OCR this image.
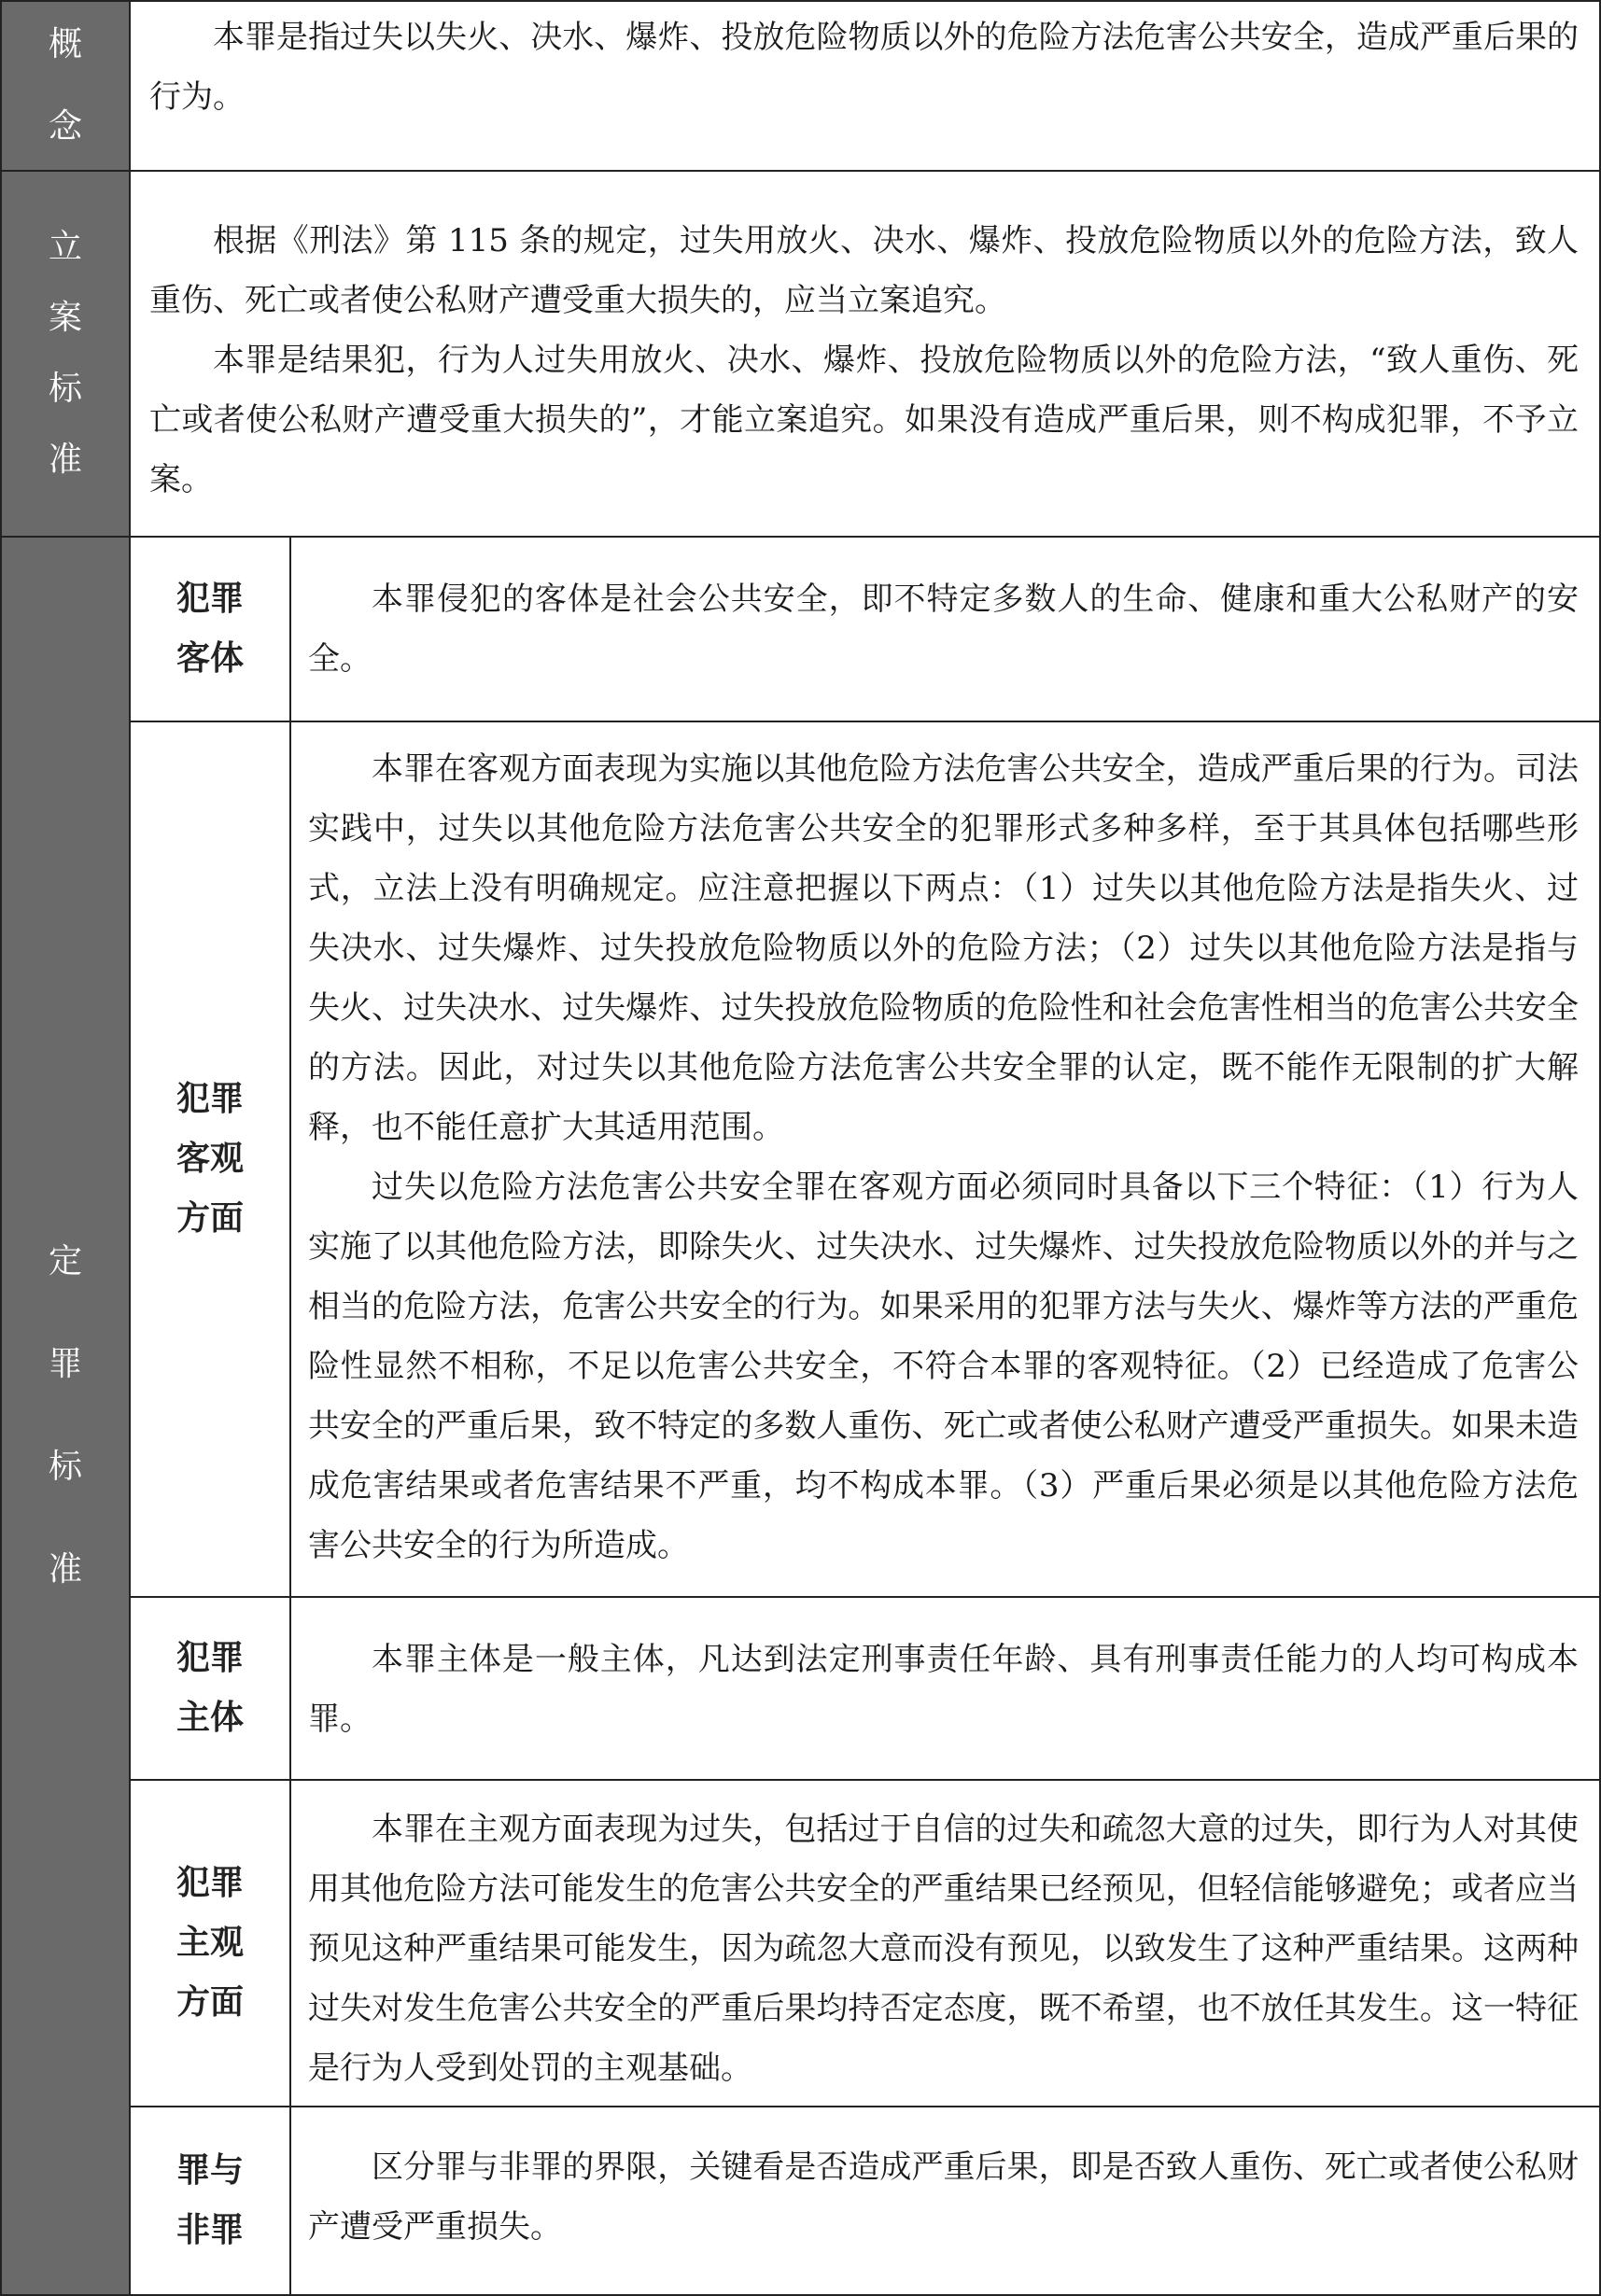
概
念

本罪是指过失以失火、决水、爆炸、投放危险物质以外的危险方法危害公共安全，造成严重后果的行为。

立
案
标
准

根据《刑法》第 115 条的规定，过失用放火、决水、爆炸、投放危险物质以外的危险方法，致人重伤、死亡或者使公私财产遭受重大损失的，应当立案追究。

本罪是结果犯，行为人过失用放火、决水、爆炸、投放危险物质以外的危险方法，“致人重伤、死亡或者使公私财产遭受重大损失的”，才能立案追究。如果没有造成严重后果，则不构成犯罪，不予立案。

定
罪
标
准
犯罪
客体

本罪侵犯的客体是社会公共安全，即不特定多数人的生命、健康和重大公私财产的安全。

犯罪
客观
方面

本罪在客观方面表现为实施以其他危险方法危害公共安全，造成严重后果的行为。司法实践中，过失以其他危险方法危害公共安全的犯罪形式多种多样，至于其具体包括哪些形式，立法上没有明确规定。应注意把握以下两点：（1）过失以其他危险方法是指失火、过失决水、过失爆炸、过失投放危险物质以外的危险方法；（2）过失以其他危险方法是指与失火、过失决水、过失爆炸、过失投放危险物质的危险性和社会危害性相当的危害公共安全的方法。因此，对过失以其他危险方法危害公共安全罪的认定，既不能作无限制的扩大解释，也不能任意扩大其适用范围。

过失以危险方法危害公共安全罪在客观方面必须同时具备以下三个特征：（1）行为人实施了以其他危险方法，即除失火、过失决水、过失爆炸、过失投放危险物质以外的并与之相当的危险方法，危害公共安全的行为。如果采用的犯罪方法与失火、爆炸等方法的严重危险性显然不相称，不足以危害公共安全，不符合本罪的客观特征。（2）已经造成了危害公共安全的严重后果，致不特定的多数人重伤、死亡或者使公私财产遭受严重损失。如果未造成危害结果或者危害结果不严重，均不构成本罪。（3）严重后果必须是以其他危险方法危害公共安全的行为所造成。

犯罪
主体

本罪主体是一般主体，凡达到法定刑事责任年龄、具有刑事责任能力的人均可构成本罪。

犯罪
主观
方面

本罪在主观方面表现为过失，包括过于自信的过失和疏忽大意的过失，即行为人对其使用其他危险方法可能发生的危害公共安全的严重结果已经预见，但轻信能够避免；或者应当预见这种严重结果可能发生，因为疏忽大意而没有预见，以致发生了这种严重结果。这两种过失对发生危害公共安全的严重后果均持否定态度，既不希望，也不放任其发生。这一特征是行为人受到处罚的主观基础。

罪与
非罪

区分罪与非罪的界限，关键看是否造成严重后果，即是否致人重伤、死亡或者使公私财产遭受严重损失。
